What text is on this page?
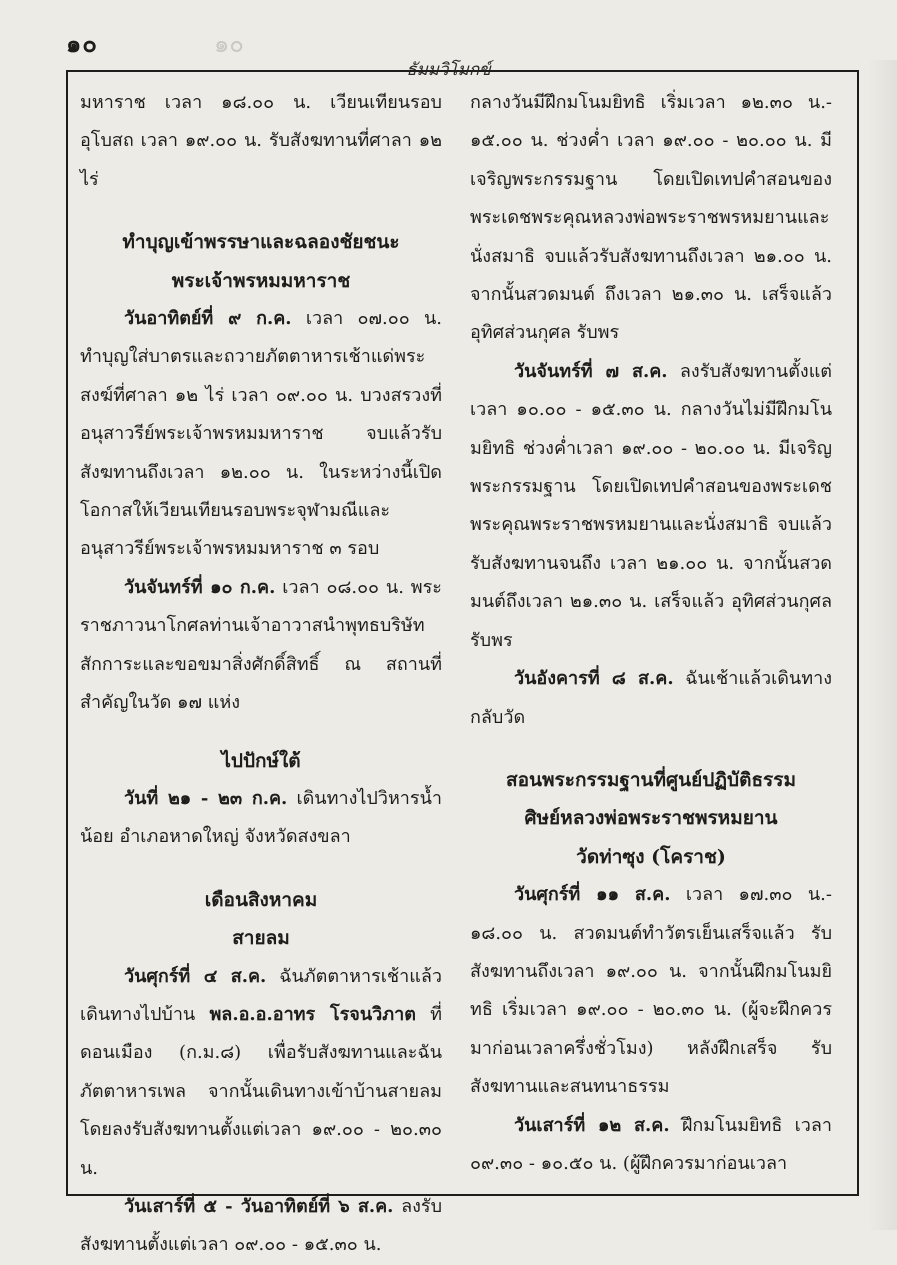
๑๐	๑๐
ธัมมวิโมกข์

มหาราช เวลา ๑๘.๐๐ น. เวียนเทียนรอบอุโบสถ เวลา ๑๙.๐๐ น. รับสังฆทานที่ศาลา ๑๒ ไร่

ทำบุญเข้าพรรษาและฉลองชัยชนะ

พระเจ้าพรหมมหาราช

วันอาทิตย์ที่ ๙ ก.ค. เวลา ๐๗.๐๐ น. ทำบุญใส่บาตรและถวายภัตตาหารเช้าแด่พระสงฆ์ที่ศาลา ๑๒ ไร่ เวลา ๐๙.๐๐ น. บวงสรวงที่อนุสาวรีย์พระเจ้าพรหมมหาราช จบแล้วรับสังฆทานถึงเวลา ๑๒.๐๐ น. ในระหว่างนี้เปิดโอกาสให้เวียนเทียนรอบพระจุฬามณีและอนุสาวรีย์พระเจ้าพรหมมหาราช ๓ รอบ

วันจันทร์ที่ ๑๐ ก.ค. เวลา ๐๘.๐๐ น. พระราชภาวนาโกศลท่านเจ้าอาวาสนำพุทธบริษัทสักการะและขอขมาสิ่งศักดิ์สิทธิ์ ณ สถานที่สำคัญในวัด ๑๗ แห่ง

ไปปักษ์ใต้

วันที่ ๒๑ - ๒๓ ก.ค. เดินทางไปวิหารน้ำน้อย อำเภอหาดใหญ่ จังหวัดสงขลา

เดือนสิงหาคม

สายลม

วันศุกร์ที่ ๔ ส.ค. ฉันภัตตาหารเช้าแล้ว เดินทางไปบ้าน พล.อ.อ.อาทร โรจนวิภาต ที่ดอนเมือง (ก.ม.๘) เพื่อรับสังฆทานและฉันภัตตาหารเพล จากนั้นเดินทางเข้าบ้านสายลม โดยลงรับสังฆทานตั้งแต่เวลา ๑๙.๐๐ - ๒๐.๓๐ น.

วันเสาร์ที่ ๕ - วันอาทิตย์ที่ ๖ ส.ค. ลงรับสังฆทานตั้งแต่เวลา ๐๙.๐๐ - ๑๕.๓๐ น.

กลางวันมีฝึกมโนมยิทธิ เริ่มเวลา ๑๒.๓๐ น.- ๑๕.๐๐ น. ช่วงค่ำ เวลา ๑๙.๐๐ - ๒๐.๐๐ น. มีเจริญพระกรรมฐาน โดยเปิดเทปคำสอนของพระเดชพระคุณหลวงพ่อพระราชพรหมยานและนั่งสมาธิ จบแล้วรับสังฆทานถึงเวลา ๒๑.๐๐ น. จากนั้นสวดมนต์ ถึงเวลา ๒๑.๓๐ น. เสร็จแล้ว อุทิศส่วนกุศล รับพร

วันจันทร์ที่ ๗ ส.ค. ลงรับสังฆทานตั้งแต่เวลา ๑๐.๐๐ - ๑๕.๓๐ น. กลางวันไม่มีฝึกมโนมยิทธิ ช่วงค่ำเวลา ๑๙.๐๐ - ๒๐.๐๐ น. มีเจริญพระกรรมฐาน โดยเปิดเทปคำสอนของพระเดชพระคุณพระราชพรหมยานและนั่งสมาธิ จบแล้วรับสังฆทานจนถึง เวลา ๒๑.๐๐ น. จากนั้นสวดมนต์ถึงเวลา ๒๑.๓๐ น. เสร็จแล้ว อุทิศส่วนกุศล รับพร

วันอังคารที่ ๘ ส.ค. ฉันเช้าแล้วเดินทางกลับวัด

สอนพระกรรมฐานที่ศูนย์ปฏิบัติธรรม

ศิษย์หลวงพ่อพระราชพรหมยาน

วัดท่าซุง (โคราช)

วันศุกร์ที่ ๑๑ ส.ค. เวลา ๑๗.๓๐ น.- ๑๘.๐๐ น. สวดมนต์ทำวัตรเย็นเสร็จแล้ว รับสังฆทานถึงเวลา ๑๙.๐๐ น. จากนั้นฝึกมโนมยิทธิ เริ่มเวลา ๑๙.๐๐ - ๒๐.๓๐ น. (ผู้จะฝึกควรมาก่อนเวลาครึ่งชั่วโมง) หลังฝึกเสร็จ รับสังฆทานและสนทนาธรรม

วันเสาร์ที่ ๑๒ ส.ค. ฝึกมโนมยิทธิ เวลา ๐๙.๓๐ - ๑๐.๕๐ น. (ผู้ฝึกควรมาก่อนเวลา
